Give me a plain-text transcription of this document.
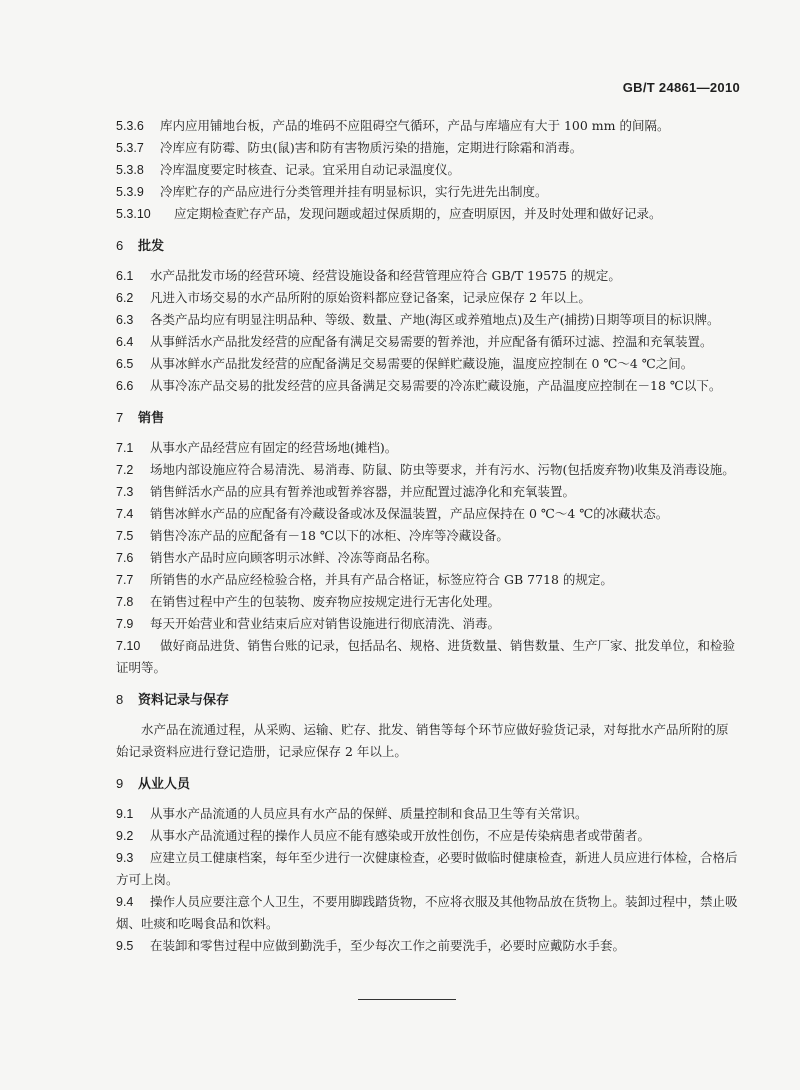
GB/T 24861—2010

5.3.6 库内应用铺地台板，产品的堆码不应阻碍空气循环，产品与库墙应有大于 100 mm 的间隔。

5.3.7 冷库应有防霉、防虫(鼠)害和防有害物质污染的措施，定期进行除霜和消毒。

5.3.8 冷库温度要定时核查、记录。宜采用自动记录温度仪。

5.3.9 冷库贮存的产品应进行分类管理并挂有明显标识，实行先进先出制度。

5.3.10 应定期检查贮存产品，发现问题或超过保质期的，应查明原因，并及时处理和做好记录。

6 批发

6.1 水产品批发市场的经营环境、经营设施设备和经营管理应符合 GB/T 19575 的规定。

6.2 凡进入市场交易的水产品所附的原始资料都应登记备案，记录应保存 2 年以上。

6.3 各类产品均应有明显注明品种、等级、数量、产地(海区或养殖地点)及生产(捕捞)日期等项目的标识牌。

6.4 从事鲜活水产品批发经营的应配备有满足交易需要的暂养池，并应配备有循环过滤、控温和充氧装置。

6.5 从事冰鲜水产品批发经营的应配备满足交易需要的保鲜贮藏设施，温度应控制在 0 ℃～4 ℃之间。

6.6 从事冷冻产品交易的批发经营的应具备满足交易需要的冷冻贮藏设施，产品温度应控制在－18 ℃以下。

7 销售

7.1 从事水产品经营应有固定的经营场地(摊档)。

7.2 场地内部设施应符合易清洗、易消毒、防鼠、防虫等要求，并有污水、污物(包括废弃物)收集及消毒设施。

7.3 销售鲜活水产品的应具有暂养池或暂养容器，并应配置过滤净化和充氧装置。

7.4 销售冰鲜水产品的应配备有冷藏设备或冰及保温装置，产品应保持在 0 ℃～4 ℃的冰藏状态。

7.5 销售冷冻产品的应配备有－18 ℃以下的冰柜、冷库等冷藏设备。

7.6 销售水产品时应向顾客明示冰鲜、冷冻等商品名称。

7.7 所销售的水产品应经检验合格，并具有产品合格证，标签应符合 GB 7718 的规定。

7.8 在销售过程中产生的包装物、废弃物应按规定进行无害化处理。

7.9 每天开始营业和营业结束后应对销售设施进行彻底清洗、消毒。

7.10 做好商品进货、销售台账的记录，包括品名、规格、进货数量、销售数量、生产厂家、批发单位，和检验证明等。

8 资料记录与保存

水产品在流通过程，从采购、运输、贮存、批发、销售等每个环节应做好验货记录，对每批水产品所附的原始记录资料应进行登记造册，记录应保存 2 年以上。

9 从业人员

9.1 从事水产品流通的人员应具有水产品的保鲜、质量控制和食品卫生等有关常识。

9.2 从事水产品流通过程的操作人员应不能有感染或开放性创伤，不应是传染病患者或带菌者。

9.3 应建立员工健康档案，每年至少进行一次健康检查，必要时做临时健康检查，新进人员应进行体检，合格后方可上岗。

9.4 操作人员应要注意个人卫生，不要用脚践踏货物，不应将衣服及其他物品放在货物上。装卸过程中，禁止吸烟、吐痰和吃喝食品和饮料。

9.5 在装卸和零售过程中应做到勤洗手，至少每次工作之前要洗手，必要时应戴防水手套。
